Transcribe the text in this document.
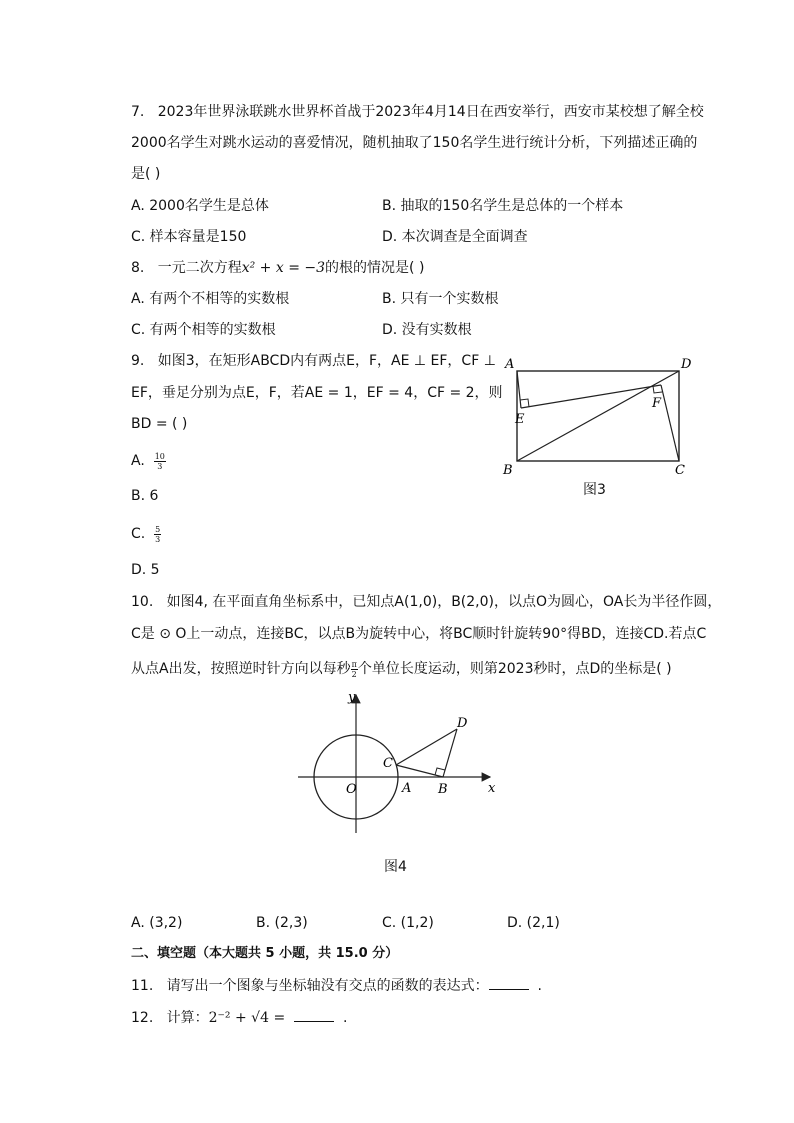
7. 2023年世界泳联跳水世界杯首战于2023年4月14日在西安举行，西安市某校想了解全校
2000名学生对跳水运动的喜爱情况，随机抽取了150名学生进行统计分析，下列描述正确的
是( )
A. 2000名学生是总体	B. 抽取的150名学生是总体的一个样本
C. 样本容量是150	D. 本次调查是全面调查
8. 一元二次方程x² + x = −3的根的情况是( )
A. 有两个不相等的实数根	B. 只有一个实数根
C. 有两个相等的实数根	D. 没有实数根
9. 如图3，在矩形ABCD内有两点E，F，AE ⊥ EF，CF ⊥
EF，垂足分别为点E，F，若AE = 1，EF = 4，CF = 2，则
BD = ( )
A. $\frac{10}{3}$
B. 6
C. $\frac{5}{3}$
D. 5
A	D
B	C
E
F
图3
10. 如图4, 在平面直角坐标系中，已知点A(1,0)，B(2,0)，以点O为圆心，OA长为半径作圆，
C是 ⊙ O上一动点，连接BC，以点B为旋转中心，将BC顺时针旋转90°得BD，连接CD.若点C
从点A出发，按照逆时针方向以每秒 $\frac{\pi}{2}$ 个单位长度运动，则第2023秒时，点D的坐标是( )
y
x
O	A B
C
D
图4
A. (3,2)	B. (2,3)	C. (1,2)	D. (2,1)
二、填空题（本大题共 5 小题，共 15.0 分）
11. 请写出一个图象与坐标轴没有交点的函数的表达式：	.
12. 计算：2⁻² + √4 =	.
